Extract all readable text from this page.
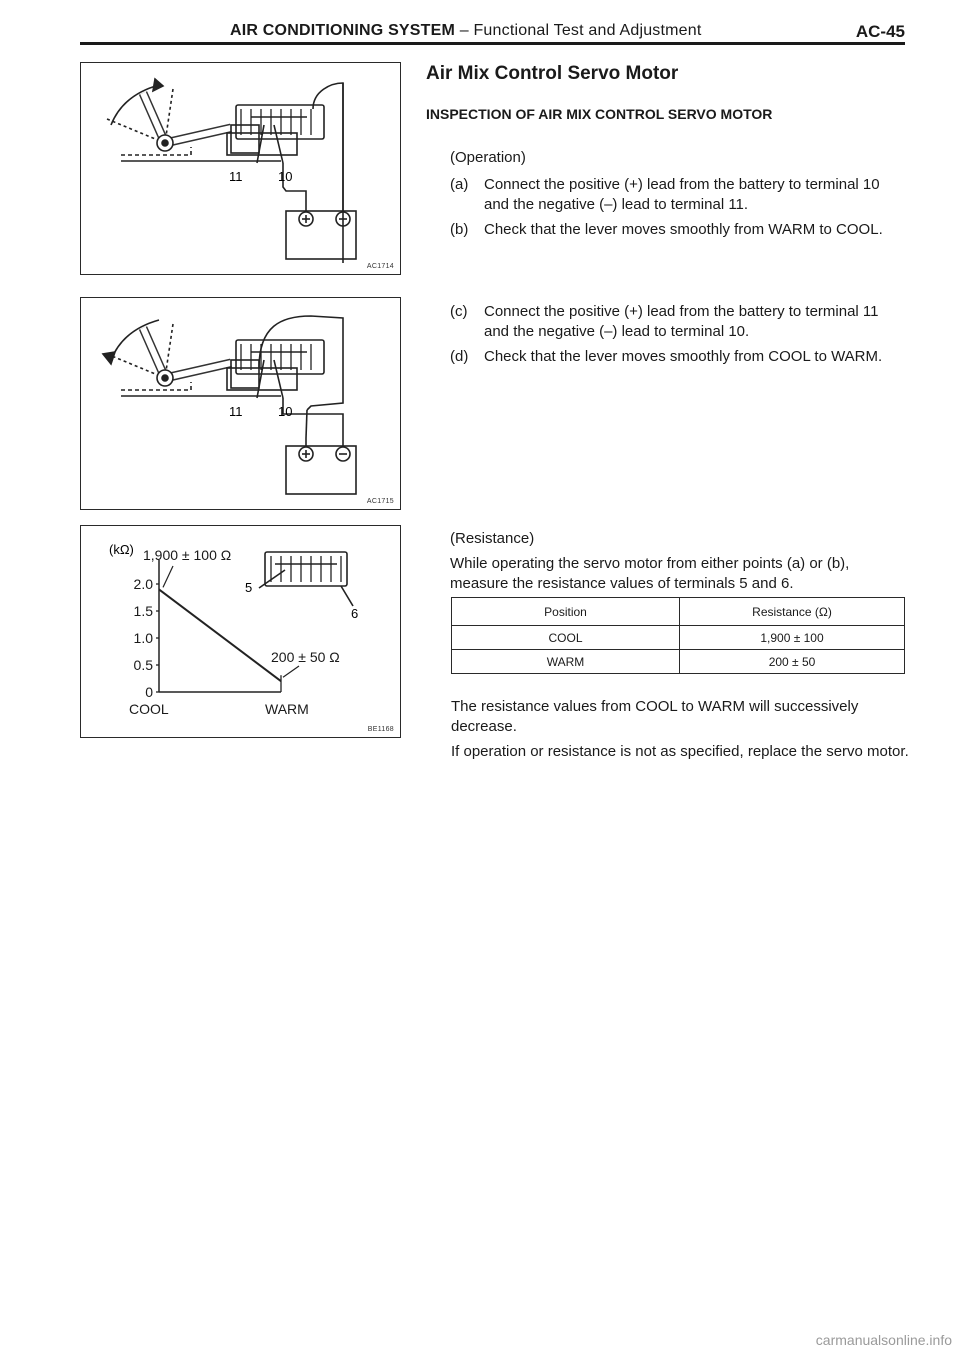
AIR CONDITIONING SYSTEM – Functional Test and Adjustment	AC-45
11	10
AC1714
11	10
AC1715
5
6
(kΩ)
0
0.5
1.0
1.5
2.0
COOL	WARM
1,900 ± 100 Ω
200 ± 50 Ω
BE1168
Air Mix Control Servo Motor
INSPECTION OF AIR MIX CONTROL SERVO MOTOR
(Operation)
(a) Connect the positive (+) lead from the battery to terminal 10 and the negative (–) lead to terminal 11.
(b) Check that the lever moves smoothly from WARM to COOL.
(c) Connect the positive (+) lead from the battery to terminal 11 and the negative (–) lead to terminal 10.
(d) Check that the lever moves smoothly from COOL to WARM.
(Resistance)
While operating the servo motor from either points (a) or (b), measure the resistance values of terminals 5 and 6.
Position	Resistance (Ω)
COOL	1,900 ± 100
WARM	200 ± 50
The resistance values from COOL to WARM will successively decrease.
If operation or resistance is not as specified, replace the servo motor.
carmanualsonline.info
